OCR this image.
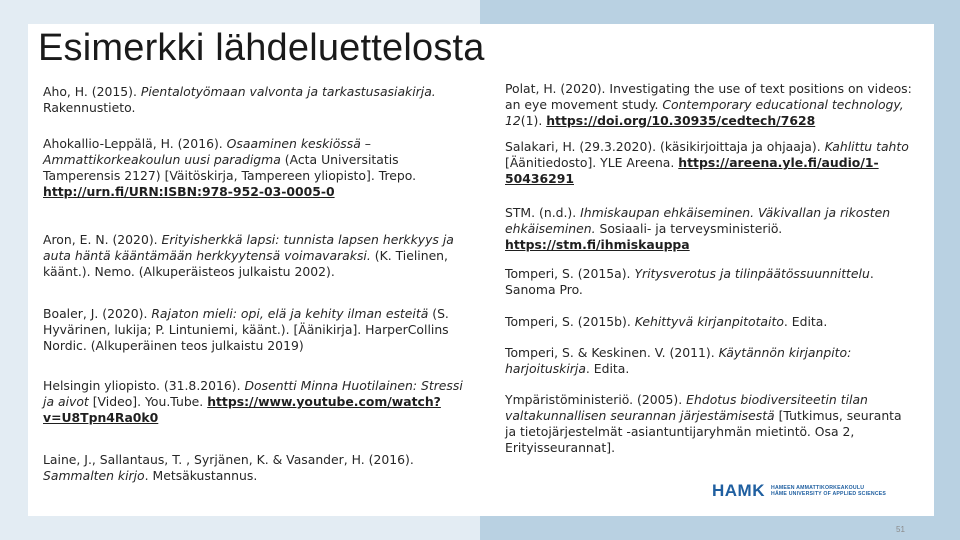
Esimerkki lähdeluettelosta

Aho, H. (2015). Pientalotyömaan valvonta ja tarkastusasiakirja. Rakennustieto.

Ahokallio-Leppälä, H. (2016). Osaaminen keskiössä – Ammattikorkeakoulun uusi paradigma (Acta Universitatis Tamperensis 2127) [Väitöskirja, Tampereen yliopisto]. Trepo. http://urn.fi/URN:ISBN:978-952-03-0005-0

Aron, E. N. (2020). Erityisherkkä lapsi: tunnista lapsen herkkyys ja auta häntä kääntämään herkkyytensä voimavaraksi. (K. Tielinen, käänt.). Nemo. (Alkuperäisteos julkaistu 2002).

Boaler, J. (2020). Rajaton mieli: opi, elä ja kehity ilman esteitä (S. Hyvärinen, lukija; P. Lintuniemi, käänt.). [Äänikirja]. HarperCollins Nordic. (Alkuperäinen teos julkaistu 2019)

Helsingin yliopisto. (31.8.2016). Dosentti Minna Huotilainen: Stressi ja aivot [Video]. You.Tube. https://www.youtube.com/watch?v=U8Tpn4Ra0k0

Laine, J., Sallantaus, T. , Syrjänen, K. & Vasander, H. (2016). Sammalten kirjo. Metsäkustannus.

Polat, H. (2020). Investigating the use of text positions on videos: an eye movement study. Contemporary educational technology, 12(1). https://doi.org/10.30935/cedtech/7628

Salakari, H. (29.3.2020). (käsikirjoittaja ja ohjaaja). Kahlittu tahto [Äänitiedosto]. YLE Areena. https://areena.yle.fi/audio/1-50436291

STM. (n.d.). Ihmiskaupan ehkäiseminen. Väkivallan ja rikosten ehkäiseminen. Sosiaali- ja terveysministeriö. https://stm.fi/ihmiskauppa

Tomperi, S. (2015a). Yritysverotus ja tilinpäätössuunnittelu. Sanoma Pro.

Tomperi, S. (2015b). Kehittyvä kirjanpitotaito. Edita.

Tomperi, S. & Keskinen. V. (2011). Käytännön kirjanpito: harjoituskirja. Edita.

Ympäristöministeriö. (2005). Ehdotus biodiversiteetin tilan valtakunnallisen seurannan järjestämisestä [Tutkimus, seuranta ja tietojärjestelmät -asiantuntijaryhmän mietintö. Osa 2, Erityisseurannat].

HAMK HAMEEN AMMATTIKORKEAKOULU
HÄME UNIVERSITY OF APPLIED SCIENCES
51
